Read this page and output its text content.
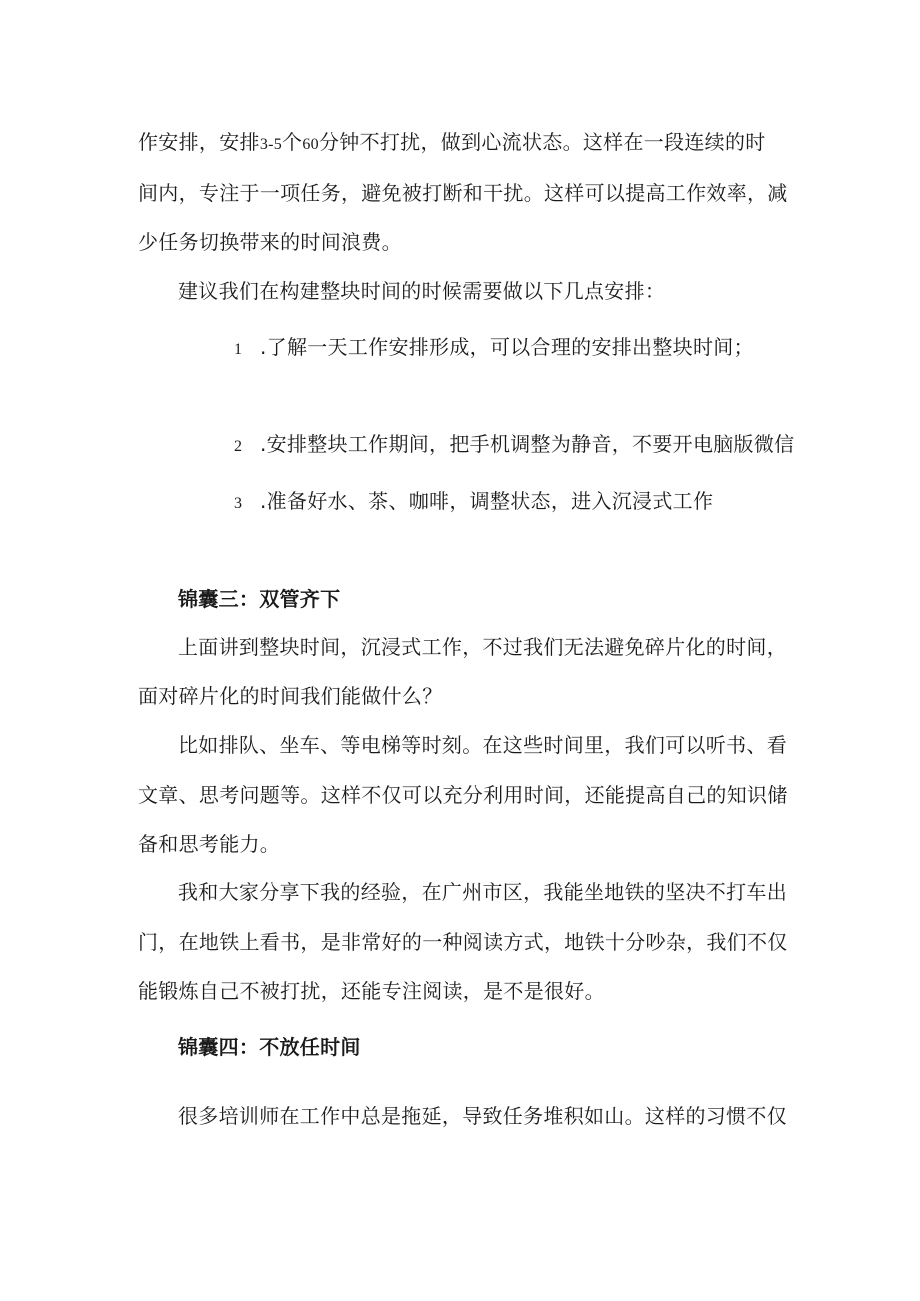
作安排，安排3-5个60分钟不打扰，做到心流状态。这样在一段连续的时
间内，专注于一项任务，避免被打断和干扰。这样可以提高工作效率，减
少任务切换带来的时间浪费。
建议我们在构建整块时间的时候需要做以下几点安排：
1 .了解一天工作安排形成，可以合理的安排出整块时间；
2 .安排整块工作期间，把手机调整为静音，不要开电脑版微信
3 .准备好水、茶、咖啡，调整状态，进入沉浸式工作
锦囊三：双管齐下
上面讲到整块时间，沉浸式工作，不过我们无法避免碎片化的时间，
面对碎片化的时间我们能做什么？
比如排队、坐车、等电梯等时刻。在这些时间里，我们可以听书、看
文章、思考问题等。这样不仅可以充分利用时间，还能提高自己的知识储
备和思考能力。
我和大家分享下我的经验，在广州市区，我能坐地铁的坚决不打车出
门，在地铁上看书，是非常好的一种阅读方式，地铁十分吵杂，我们不仅
能锻炼自己不被打扰，还能专注阅读，是不是很好。
锦囊四：不放任时间
很多培训师在工作中总是拖延，导致任务堆积如山。这样的习惯不仅
